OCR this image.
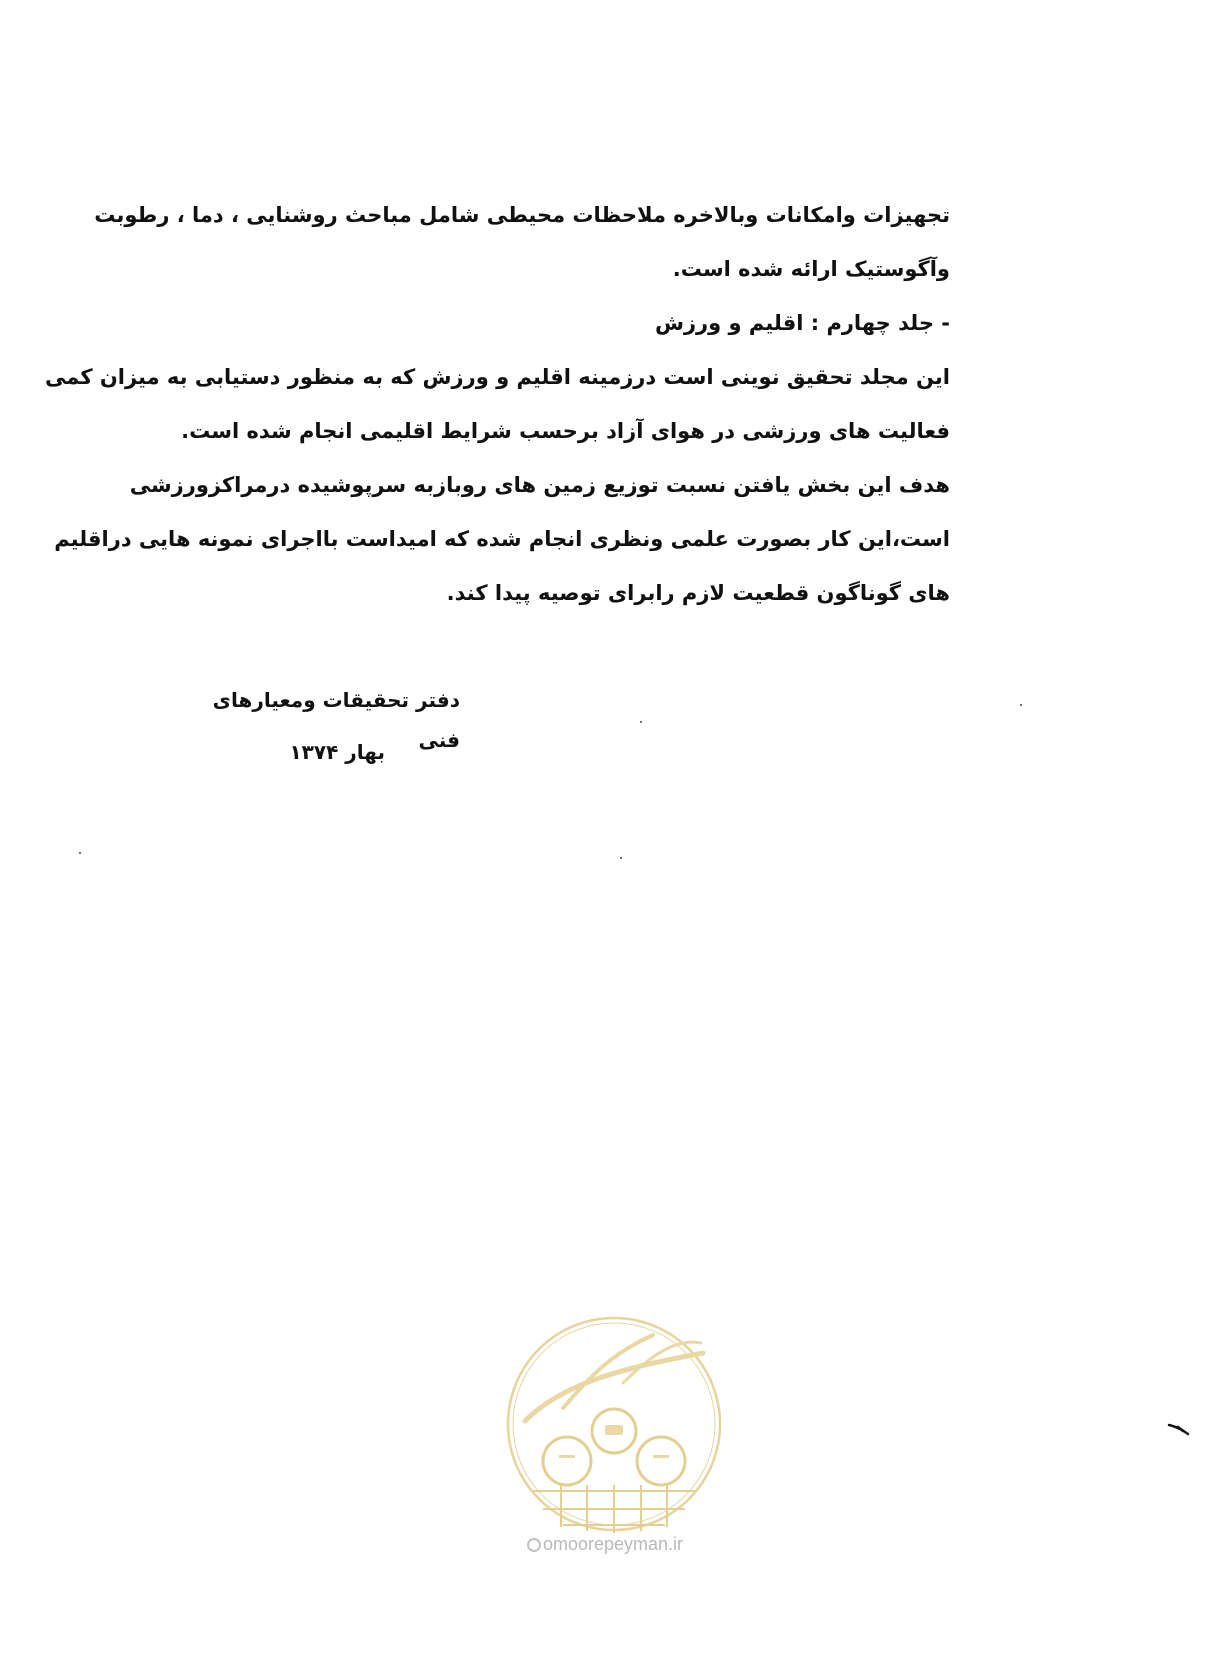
تجهیزات وامکانات وبالاخره ملاحظات محیطی شامل مباحث روشنایی ، دما ، رطوبت
وآگوستیک ارائه شده است.
- جلد چهارم : اقلیم و ورزش
این مجلد تحقیق نوینی است درزمینه اقلیم و ورزش که به منظور دستیابی به میزان کمی
فعالیت های ورزشی در هوای آزاد برحسب شرایط اقلیمی انجام شده است.
هدف این بخش یافتن نسبت توزیع زمین های روبازبه سرپوشیده درمراکزورزشی
است،این کار بصورت علمی ونظری انجام شده که امیداست بااجرای نمونه هایی دراقلیم
های گوناگون قطعیت لازم رابرای توصیه پیدا کند.
دفتر تحقیقات ومعیارهای فنی
بهار ۱۳۷۴
omoorepeyman.ir
